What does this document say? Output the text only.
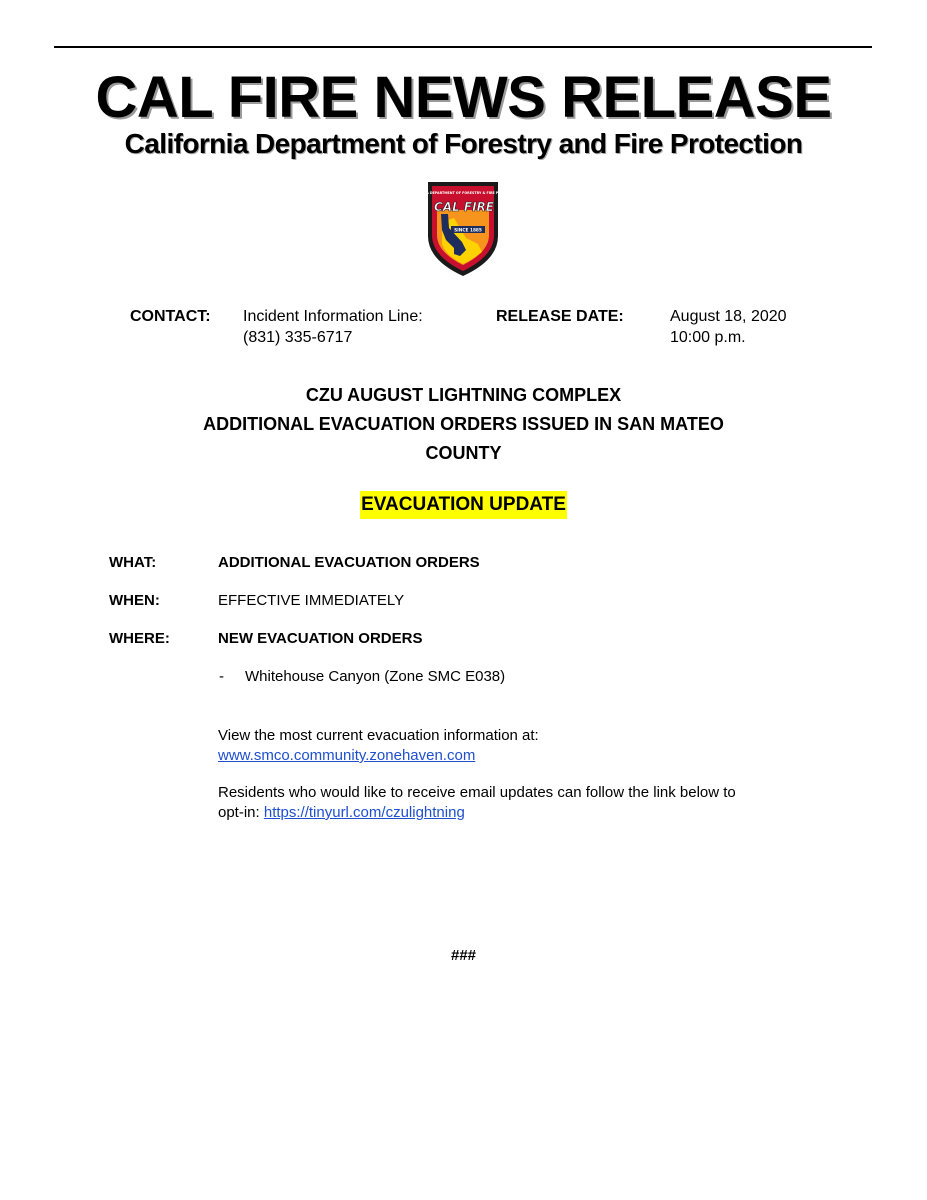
CAL FIRE NEWS RELEASE
California Department of Forestry and Fire Protection
CALIFORNIA DEPARTMENT OF FORESTRY & FIRE PROTECTION
CAL FIRE
SINCE 1885
CONTACT: Incident Information Line:
(831) 335-6717
RELEASE DATE:	August 18, 2020
10:00 p.m.
CZU AUGUST LIGHTNING COMPLEX
ADDITIONAL EVACUATION ORDERS ISSUED IN SAN MATEO
COUNTY
EVACUATION UPDATE
WHAT:	ADDITIONAL EVACUATION ORDERS
WHEN:	EFFECTIVE IMMEDIATELY
WHERE:	NEW EVACUATION ORDERS
- Whitehouse Canyon (Zone SMC E038)
View the most current evacuation information at:
www.smco.community.zonehaven.com
Residents who would like to receive email updates can follow the link below to
opt-in: https://tinyurl.com/czulightning
###
